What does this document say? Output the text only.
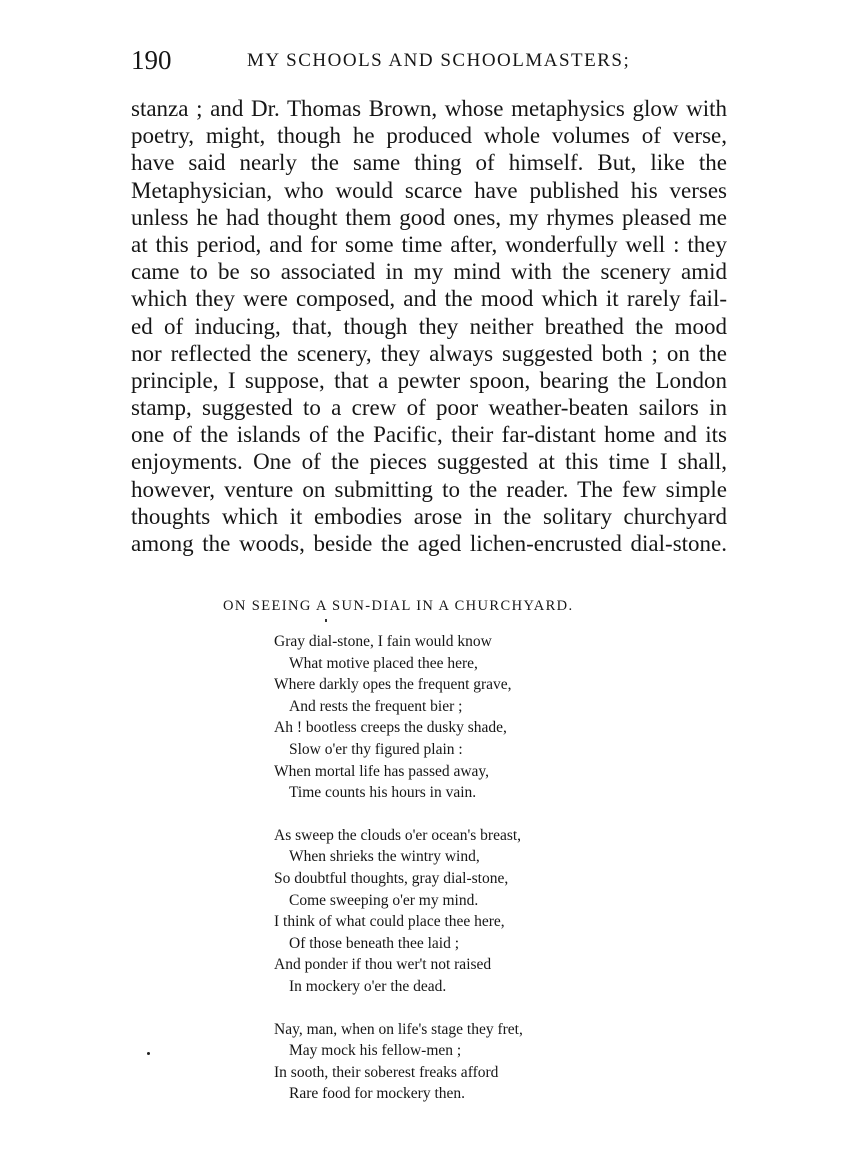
190	MY SCHOOLS AND SCHOOLMASTERS;
stanza ; and Dr. Thomas Brown, whose metaphysics glow with
poetry, might, though he produced whole volumes of verse,
have said nearly the same thing of himself. But, like the
Metaphysician, who would scarce have published his verses
unless he had thought them good ones, my rhymes pleased me
at this period, and for some time after, wonderfully well : they
came to be so associated in my mind with the scenery amid
which they were composed, and the mood which it rarely fail-
ed of inducing, that, though they neither breathed the mood
nor reflected the scenery, they always suggested both ; on the
principle, I suppose, that a pewter spoon, bearing the London
stamp, suggested to a crew of poor weather-beaten sailors in
one of the islands of the Pacific, their far-distant home and its
enjoyments. One of the pieces suggested at this time I shall,
however, venture on submitting to the reader. The few simple
thoughts which it embodies arose in the solitary churchyard
among the woods, beside the aged lichen-encrusted dial-stone.
ON SEEING A SUN-DIAL IN A CHURCHYARD.
Gray dial-stone, I fain would know
What motive placed thee here,
Where darkly opes the frequent grave,
And rests the frequent bier ;
Ah ! bootless creeps the dusky shade,
Slow o'er thy figured plain :
When mortal life has passed away,
Time counts his hours in vain.
As sweep the clouds o'er ocean's breast,
When shrieks the wintry wind,
So doubtful thoughts, gray dial-stone,
Come sweeping o'er my mind.
I think of what could place thee here,
Of those beneath thee laid ;
And ponder if thou wer't not raised
In mockery o'er the dead.
Nay, man, when on life's stage they fret,
May mock his fellow-men ;
In sooth, their soberest freaks afford
Rare food for mockery then.
